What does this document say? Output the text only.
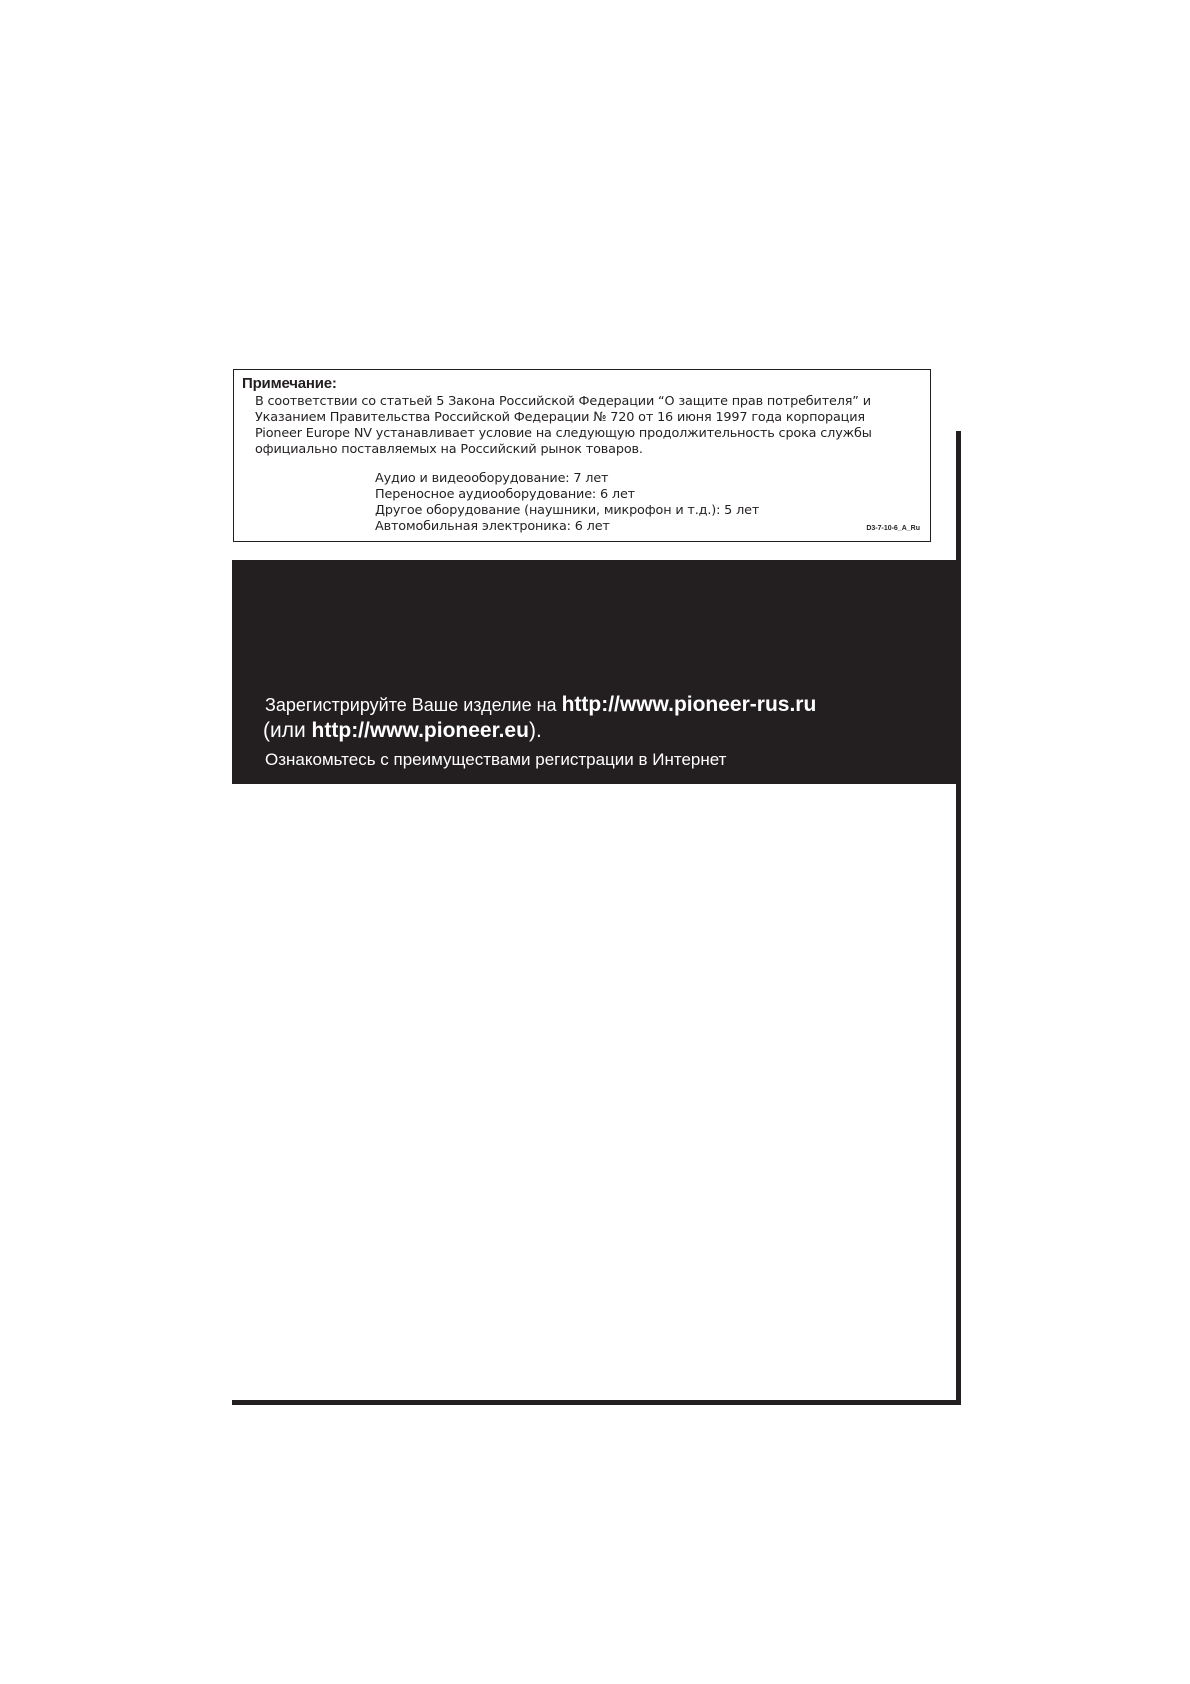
Примечание:

В соответствии со статьей 5 Закона Российской Федерации “О защите прав потребителя” и

Указанием Правительства Российской Федерации № 720 от 16 июня 1997 года корпорация

Pioneer Europe NV устанавливает условие на следующую продолжительность срока службы

официально поставляемых на Российский рынок товаров.

Аудио и видеооборудование: 7 лет
Переносное аудиооборудование: 6 лет
Другое оборудование (наушники, микрофон и т.д.): 5 лет
Автомобильная электроника: 6 лет	D3-7-10-6_A_Ru
Зарегистрируйте Ваше изделие на http://www.pioneer-rus.ru
(или http://www.pioneer.eu).
Ознакомьтесь с преимуществами регистрации в Интернет
